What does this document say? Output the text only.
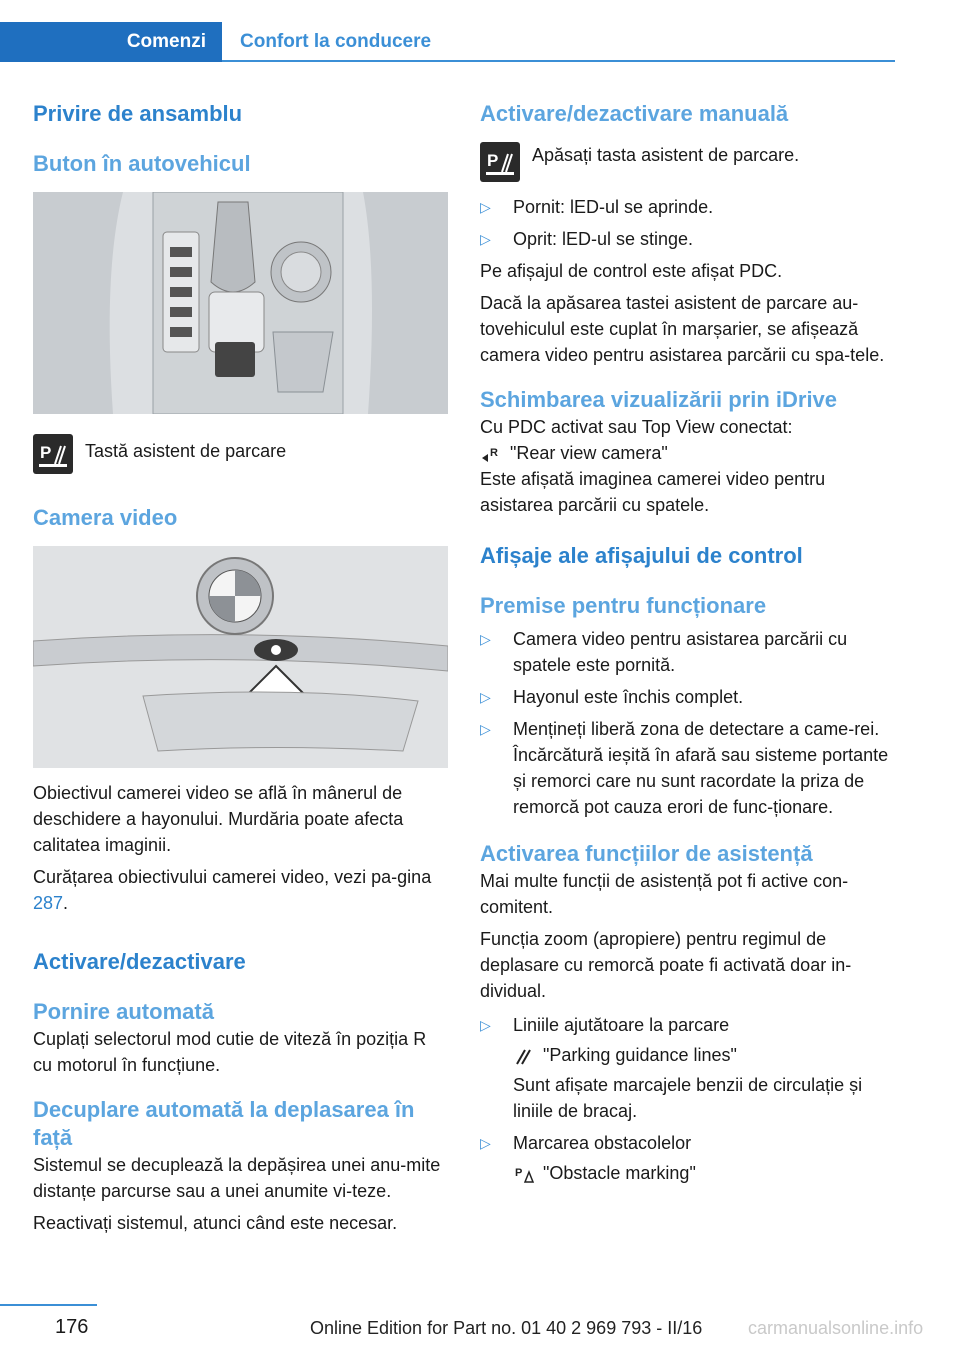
Comenzi	Confort la conducere
Privire de ansamblu
Buton în autovehicul
P Tastă asistent de parcare
Camera video

Obiectivul camerei video se află în mânerul de deschidere a hayonului. Murdăria poate afecta calitatea imaginii.

Curățarea obiectivului camerei video, vezi pa‐gina 287.

Activare/dezactivare
Pornire automată

Cuplați selectorul mod cutie de viteză în poziția R cu motorul în funcțiune.

Decuplare automată la deplasarea în față

Sistemul se decuplează la depășirea unei anu‐mite distanțe parcurse sau a unei anumite vi‐teze.

Reactivați sistemul, atunci când este necesar.

Activare/dezactivare manuală
P Apăsați tasta asistent de parcare.
▷ Pornit: lED-ul se aprinde.
▷ Oprit: lED-ul se stinge.

Pe afișajul de control este afișat PDC.

Dacă la apăsarea tastei asistent de parcare au‐tovehiculul este cuplat în marșarier, se afișează camera video pentru asistarea parcării cu spa‐tele.

Schimbarea vizualizării prin iDrive

Cu PDC activat sau Top View conectat:

R "Rear view camera"

Este afișată imaginea camerei video pentru asistarea parcării cu spatele.

Afișaje ale afișajului de control
Premise pentru funcționare
▷ Camera video pentru asistarea parcării cu spatele este pornită.
▷ Hayonul este închis complet.
▷ Mențineți liberă zona de detectare a came‐rei. Încărcătură ieșită în afară sau sisteme portante și remorci care nu sunt racordate la priza de remorcă pot cauza erori de func‐ționare.
Activarea funcțiilor de asistență

Mai multe funcții de asistență pot fi active con‐comitent.

Funcția zoom (apropiere) pentru regimul de deplasare cu remorcă poate fi activată doar in‐dividual.

▷ Liniile ajutătoare la parcare
"Parking guidance lines"
Sunt afișate marcajele benzii de circulație și liniile de bracaj.
▷ Marcarea obstacolelor
P "Obstacle marking"
176	Online Edition for Part no. 01 40 2 969 793 - II/16	carmanualsonline.info
